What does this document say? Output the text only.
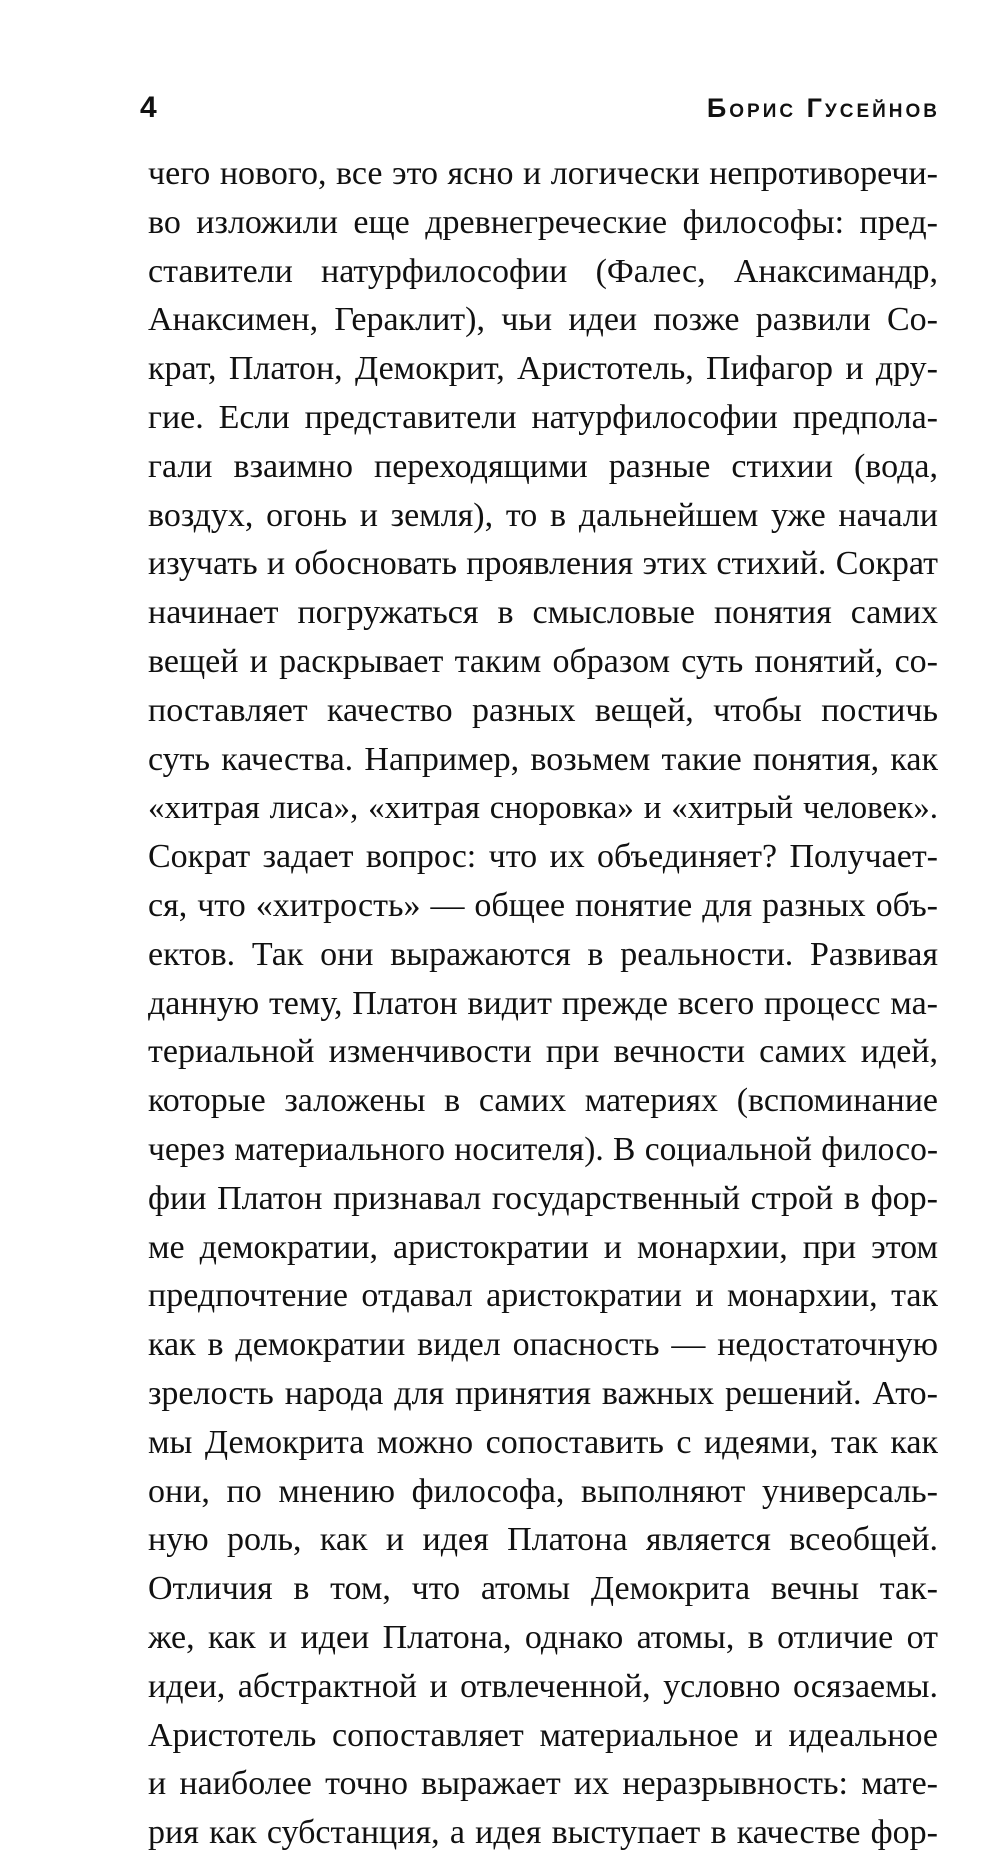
4	Борис Гусейнов
чего нового, все это ясно и логически непротиворечи-
во изложили еще древнегреческие философы: пред-
ставители натурфилософии (Фалес, Анаксимандр,
Анаксимен, Гераклит), чьи идеи позже развили Со-
крат, Платон, Демокрит, Аристотель, Пифагор и дру-
гие. Если представители натурфилософии предпола-
гали взаимно переходящими разные стихии (вода,
воздух, огонь и земля), то в дальнейшем уже начали
изучать и обосновать проявления этих стихий. Сократ
начинает погружаться в смысловые понятия самих
вещей и раскрывает таким образом суть понятий, со-
поставляет качество разных вещей, чтобы постичь
суть качества. Например, возьмем такие понятия, как
«хитрая лиса», «хитрая сноровка» и «хитрый человек».
Сократ задает вопрос: что их объединяет? Получает-
ся, что «хитрость» — общее понятие для разных объ-
ектов. Так они выражаются в реальности. Развивая
данную тему, Платон видит прежде всего процесс ма-
териальной изменчивости при вечности самих идей,
которые заложены в самих материях (вспоминание
через материального носителя). В социальной филосо-
фии Платон признавал государственный строй в фор-
ме демократии, аристократии и монархии, при этом
предпочтение отдавал аристократии и монархии, так
как в демократии видел опасность — недостаточную
зрелость народа для принятия важных решений. Ато-
мы Демокрита можно сопоставить с идеями, так как
они, по мнению философа, выполняют универсаль-
ную роль, как и идея Платона является всеобщей.
Отличия в том, что атомы Демокрита вечны так-
же, как и идеи Платона, однако атомы, в отличие от
идеи, абстрактной и отвлеченной, условно осязаемы.
Аристотель сопоставляет материальное и идеальное
и наиболее точно выражает их неразрывность: мате-
рия как субстанция, а идея выступает в качестве фор-
